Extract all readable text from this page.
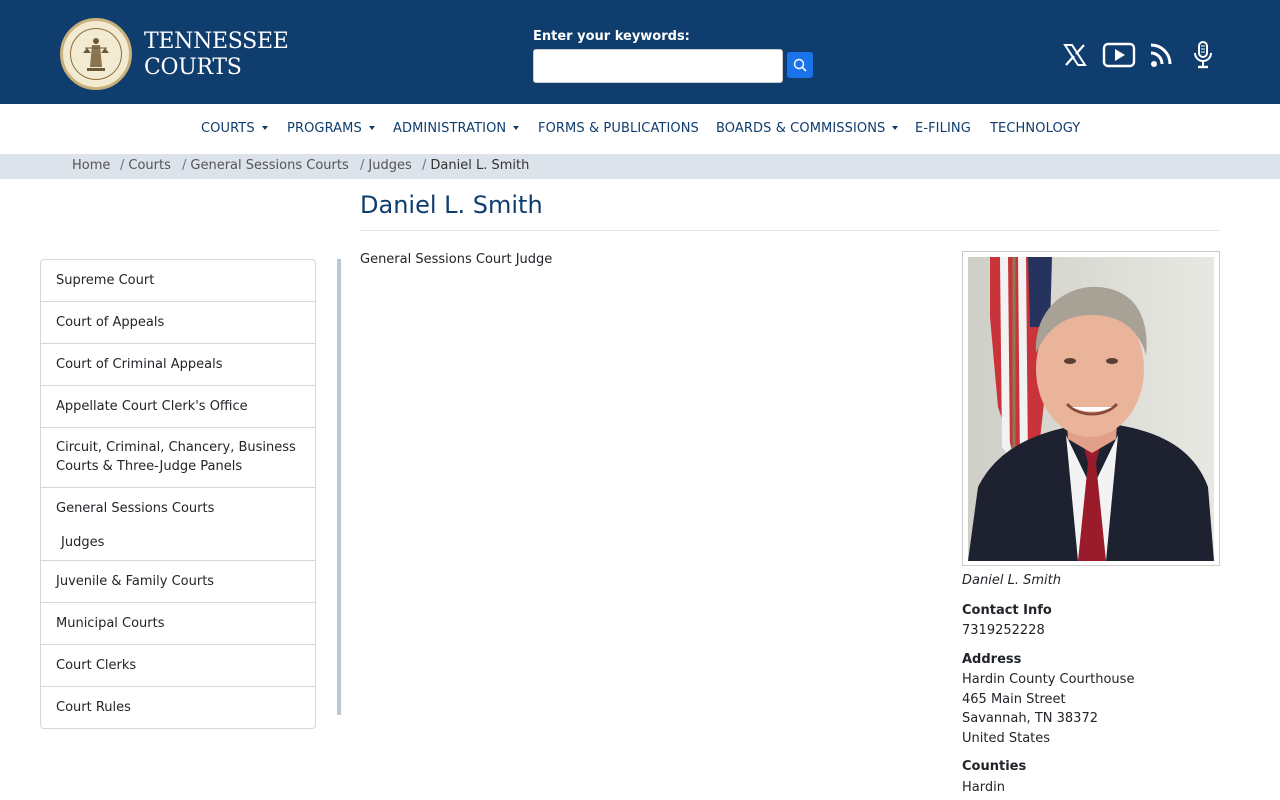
TENNESSEE
COURTS
Enter your keywords:
COURTS	PROGRAMS	ADMINISTRATION	FORMS & PUBLICATIONS BOARDS & COMMISSIONS	E-FILING TECHNOLOGY
Home / Courts / General Sessions Courts / Judges / Daniel L. Smith
Daniel L. Smith
Supreme Court
Court of Appeals
Court of Criminal Appeals
Appellate Court Clerk's Office
Circuit, Criminal, Chancery, Business Courts & Three-Judge Panels
General Sessions Courts
Judges
Juvenile & Family Courts
Municipal Courts
Court Clerks
Court Rules
General Sessions Court Judge
Daniel L. Smith
Contact Info
7319252228
Address
Hardin County Courthouse
465 Main Street
Savannah, TN 38372
United States
Counties
Hardin
